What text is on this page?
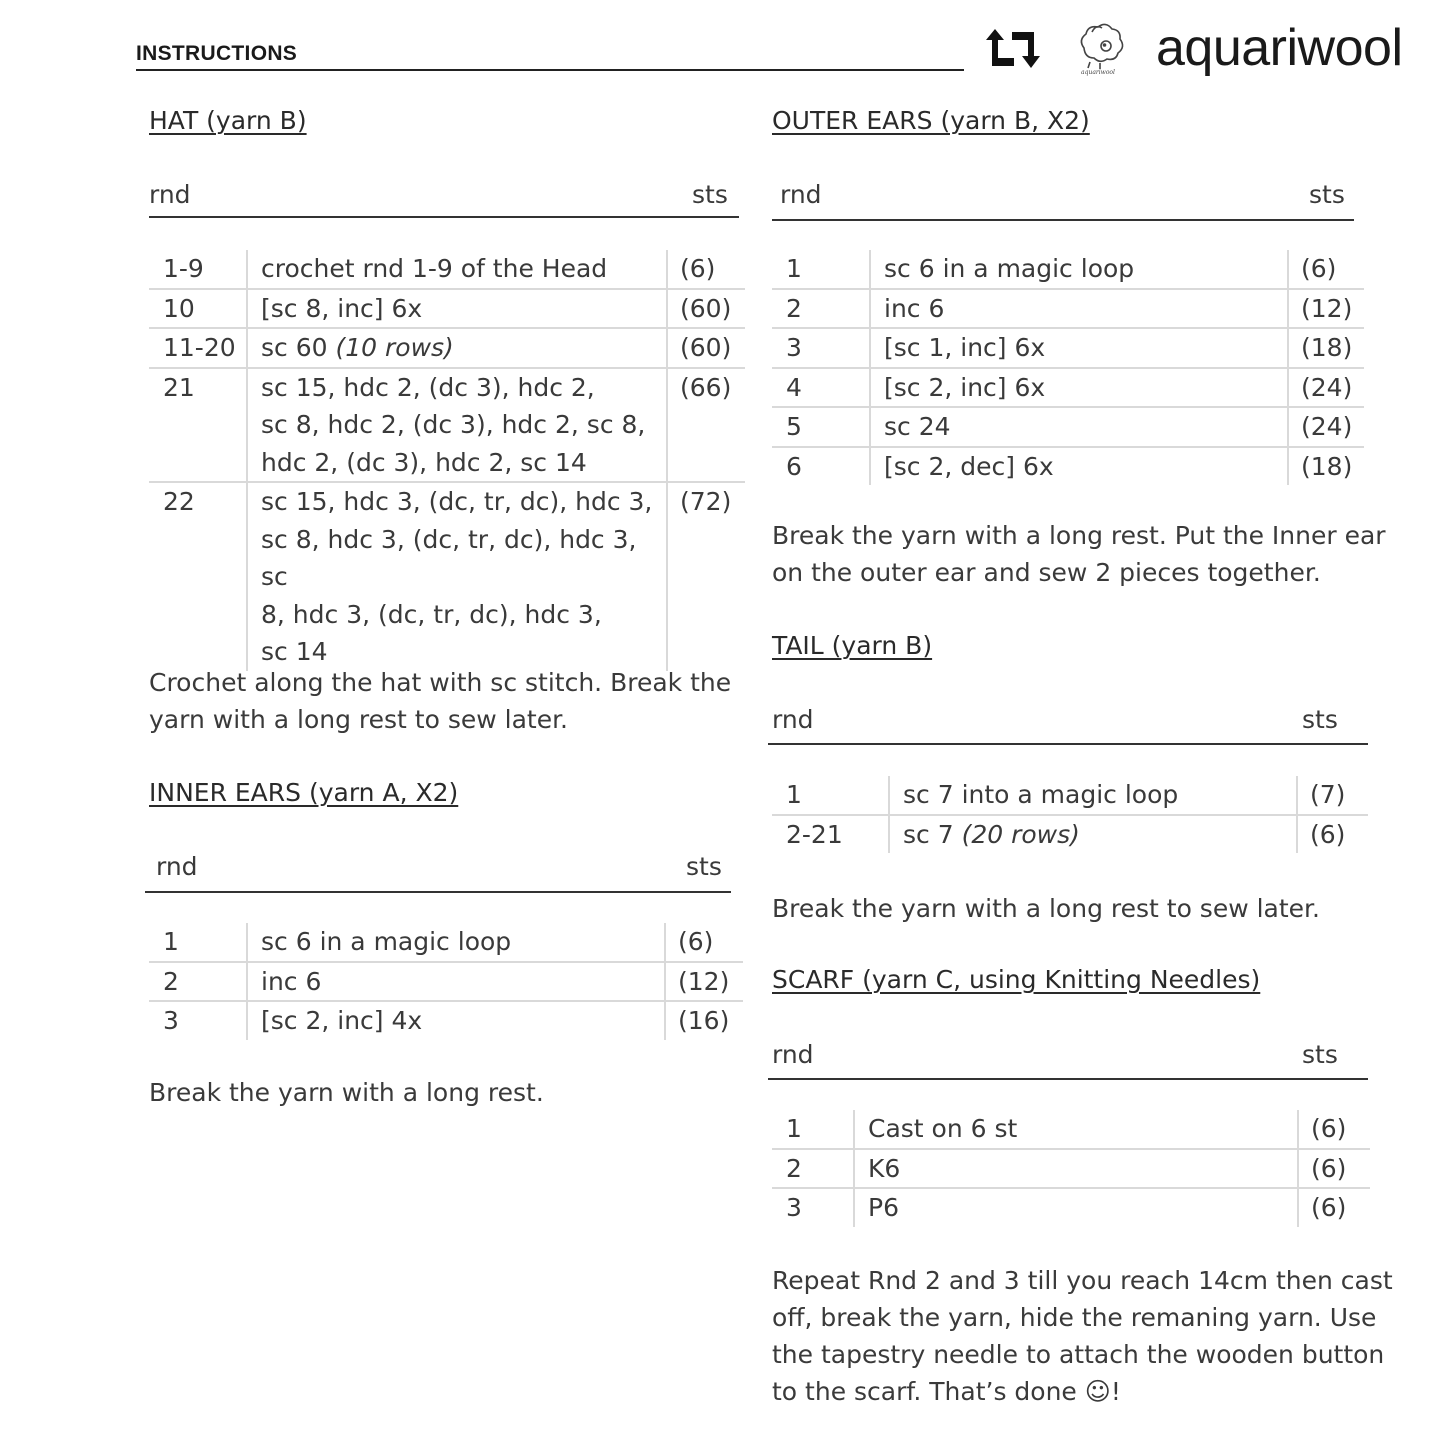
INSTRUCTIONS
aquariwool aquariwool
HAT (yarn B)
rnd	sts
1-9	crochet rnd 1-9 of the Head	(6)
10	[sc 8, inc] 6x	(60)
11-20	sc 60 (10 rows)	(60)
21	sc 15, hdc 2, (dc 3), hdc 2,
sc 8, hdc 2, (dc 3), hdc 2, sc 8,
hdc 2, (dc 3), hdc 2, sc 14	(66)
22	sc 15, hdc 3, (dc, tr, dc), hdc 3,
sc 8, hdc 3, (dc, tr, dc), hdc 3, sc
8, hdc 3, (dc, tr, dc), hdc 3,
sc 14	(72)
Crochet along the hat with sc stitch. Break the
yarn with a long rest to sew later.
INNER EARS (yarn A, X2)
rnd	sts
1	sc 6 in a magic loop	(6)
2	inc 6	(12)
3	[sc 2, inc] 4x	(16)
Break the yarn with a long rest.
OUTER EARS (yarn B, X2)
rnd	sts
1	sc 6 in a magic loop	(6)
2	inc 6	(12)
3	[sc 1, inc] 6x	(18)
4	[sc 2, inc] 6x	(24)
5	sc 24	(24)
6	[sc 2, dec] 6x	(18)
Break the yarn with a long rest. Put the Inner ear
on the outer ear and sew 2 pieces together.
TAIL (yarn B)
rnd	sts
1	sc 7 into a magic loop	(7)
2-21	sc 7 (20 rows)	(6)
Break the yarn with a long rest to sew later.
SCARF (yarn C, using Knitting Needles)
rnd	sts
1	Cast on 6 st	(6)
2	K6	(6)
3	P6	(6)
Repeat Rnd 2 and 3 till you reach 14cm then cast
off, break the yarn, hide the remaning yarn. Use
the tapestry needle to attach the wooden button
to the scarf. That’s done ☺!
